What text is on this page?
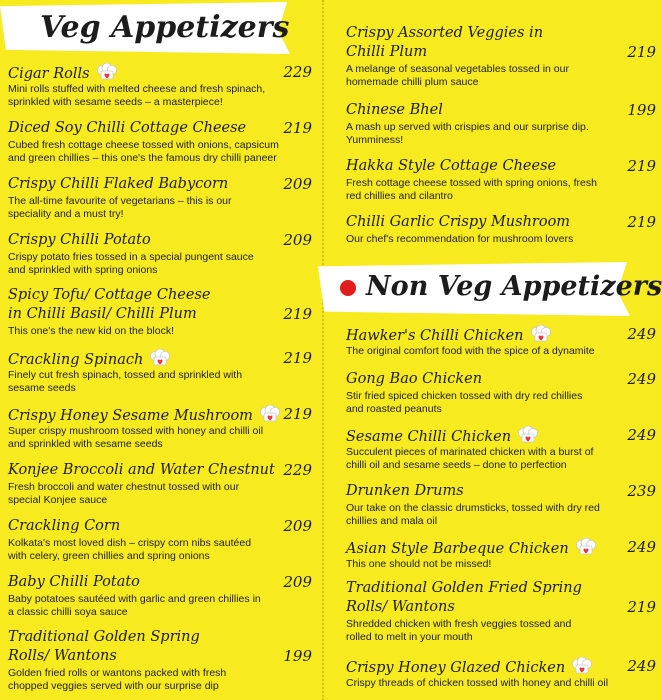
Veg Appetizers
Cigar Rolls	229
Mini rolls stuffed with melted cheese and fresh spinach,
sprinkled with sesame seeds – a masterpiece!
Diced Soy Chilli Cottage Cheese 219
Cubed fresh cottage cheese tossed with onions, capsicum
and green chillies – this one's the famous dry chilli paneer
Crispy Chilli Flaked Babycorn	209
The all-time favourite of vegetarians – this is our
speciality and a must try!
Crispy Chilli Potato	209
Crispy potato fries tossed in a special pungent sauce
and sprinkled with spring onions
Spicy Tofu/ Cottage Cheese
in Chilli Basil/ Chilli Plum	219
This one's the new kid on the block!
Crackling Spinach	219
Finely cut fresh spinach, tossed and sprinkled with
sesame seeds
Crispy Honey Sesame Mushroom	219
Super crispy mushroom tossed with honey and chilli oil
and sprinkled with sesame seeds
Konjee Broccoli and Water Chestnut 229
Fresh broccoli and water chestnut tossed with our
special Konjee sauce
Crackling Corn	209
Kolkata's most loved dish – crispy corn nibs sautéed
with celery, green chillies and spring onions
Baby Chilli Potato	209
Baby potatoes sautéed with garlic and green chillies in
a classic chilli soya sauce
Traditional Golden Spring
Rolls/ Wantons	199
Golden fried rolls or wantons packed with fresh
chopped veggies served with our surprise dip
Crispy Assorted Veggies in
Chilli Plum	219
A melange of seasonal vegetables tossed in our
homemade chilli plum sauce
Chinese Bhel	199
A mash up served with crispies and our surprise dip.
Yumminess!
Hakka Style Cottage Cheese	219
Fresh cottage cheese tossed with spring onions, fresh
red chillies and cilantro
Chilli Garlic Crispy Mushroom	219
Our chef's recommendation for mushroom lovers
Non Veg Appetizers
Hawker's Chilli Chicken	249
The original comfort food with the spice of a dynamite
Gong Bao Chicken	249
Stir fried spiced chicken tossed with dry red chillies
and roasted peanuts
Sesame Chilli Chicken	249
Succulent pieces of marinated chicken with a burst of
chilli oil and sesame seeds – done to perfection
Drunken Drums	239
Our take on the classic drumsticks, tossed with dry red
chillies and mala oil
Asian Style Barbeque Chicken	249
This one should not be missed!
Traditional Golden Fried Spring
Rolls/ Wantons	219
Shredded chicken with fresh veggies tossed and
rolled to melt in your mouth
Crispy Honey Glazed Chicken	249
Crispy threads of chicken tossed with honey and chilli oil
